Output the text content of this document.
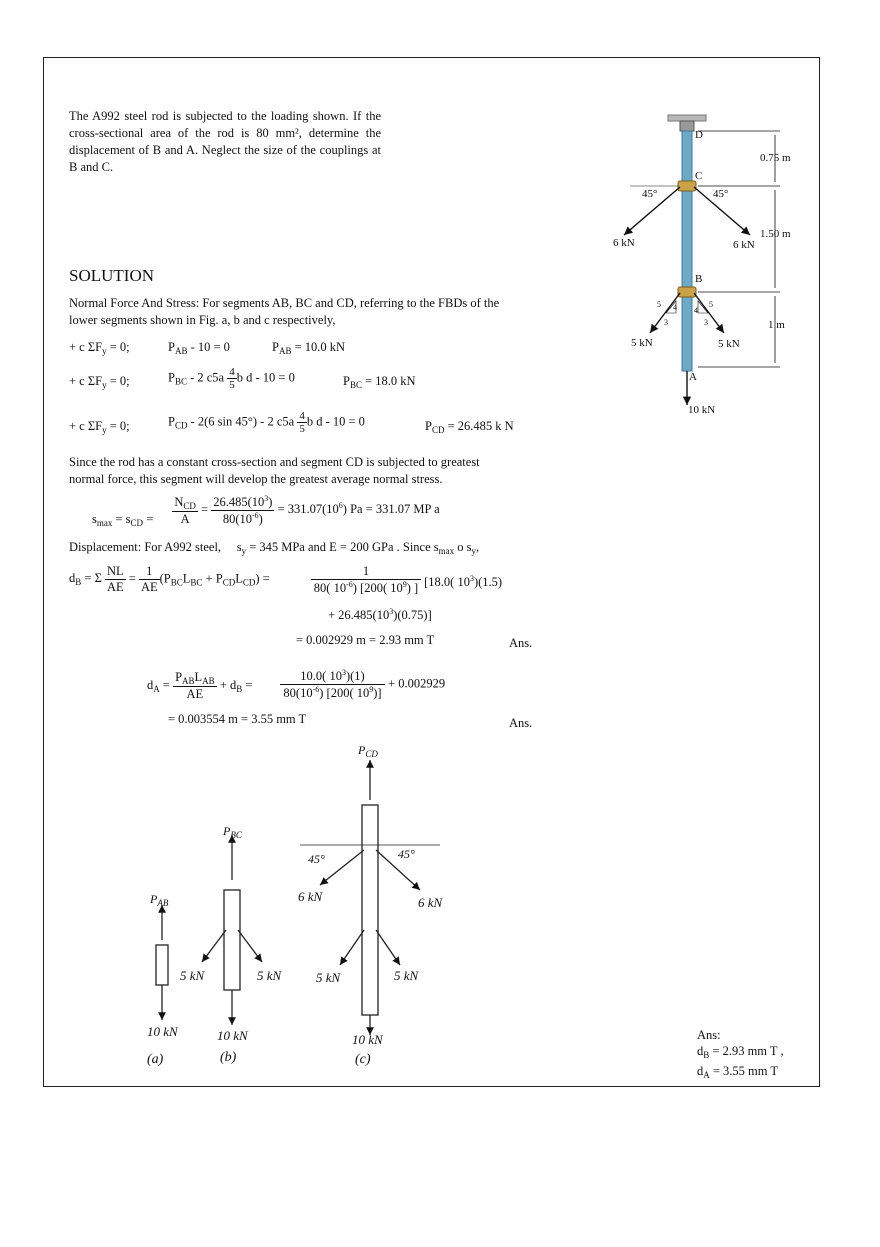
The A992 steel rod is subjected to the loading shown. If the cross-sectional area of the rod is 80 mm², determine the displacement of B and A. Neglect the size of the couplings at B and C.
SOLUTION
Normal Force And Stress: For segments AB, BC and CD, referring to the FBDs of the lower segments shown in Fig. a, b and c respectively,
+ c $\Sigma F_y = 0$;	$P_{AB} - 10 = 0$	$P_{AB} = 10.0$ kN
+ c $\Sigma F_y = 0$;	$P_{BC} - 2$ $c5a \frac{4}{5}$ b d - 10 = 0	$P_{BC} = 18.0$ kN
+ c $\Sigma F_y = 0$;	$P_{CD} - 2(6$ sin 45°) - 2 $c5a \frac{4}{5}$ b d - 10 = 0	$P_{CD} = 26.485$ k N
Since the rod has a constant cross-section and segment CD is subjected to greatest normal force, this segment will develop the greatest average normal stress.
$s_{max} = s_{CD} = \frac{N_{CD}}{A} = \frac{26.485(10^3)}{80(10^{-6})} = 331.07(10^6) Pa = 331.07$ MP a
Displacement: For A992 steel, $s_y = 345$ MPa and E = 200 GPa . Since $s_{max}$ o $s_y$,
$d_B = \Sigma \frac{NL}{AE} = \frac{1}{AE} (P_{BC}L_{BC} + P_{CD}L_{CD})$ =	$\frac{1}{80( 10^{-6}) [200( 10^9) ]} [18.0$( $10^3)(1.5)$
+ $26.485(10^3)(0.75)$]
= 0.002929 m = 2.93 mm T	Ans.
$d_A = \frac{P_{AB}L_{AB}}{AE} + d_B = \frac{10.0( 10^3)(1)}{80(10^{-6}) [200( 10^9)]} + 0.002929$
= 0.003554 m = 3.55 mm T	Ans.
Ans:
$d_B = 2.93$ mm T ,
$d_A = 3.55$ mm T
D
C
B
A
0.75 m
1.50 m
1 m
45°	45°
6 kN	6 kN
5 kN	5 kN
10 kN
5 4
3
5
4
3
$P_{AB}$
$P_{BC}$
$P_{CD}$
5 kN	5 kN	5 kN	5 kN
6 kN	6 kN
45°	45°
10 kN	10 kN	10 kN
(a)	(b)	(c)
